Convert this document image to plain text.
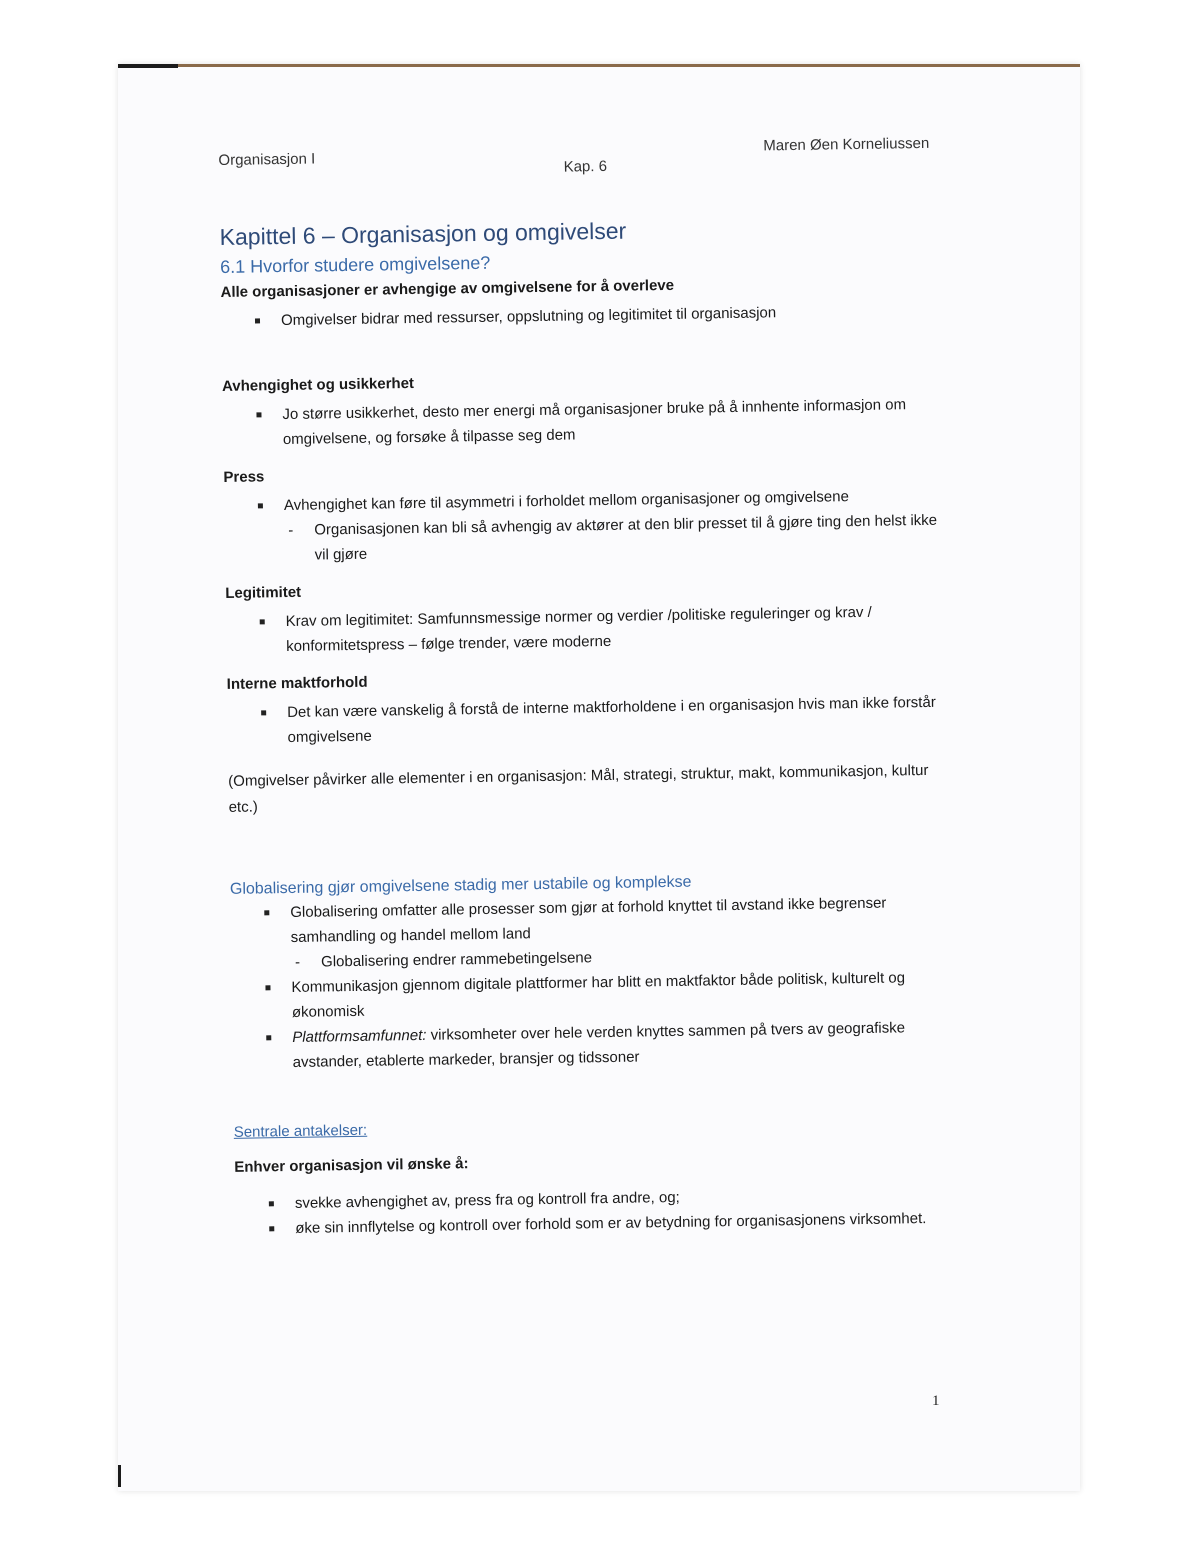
Organisasjon I	Kap. 6
Maren Øen Korneliussen
Kapittel 6 – Organisasjon og omgivelser
6.1 Hvorfor studere omgivelsene?
Alle organisasjoner er avhengige av omgivelsene for å overleve
Omgivelser bidrar med ressurser, oppslutning og legitimitet til organisasjon
Avhengighet og usikkerhet
Jo større usikkerhet, desto mer energi må organisasjoner bruke på å innhente informasjon om omgivelsene, og forsøke å tilpasse seg dem
Press
Avhengighet kan føre til asymmetri i forholdet mellom organisasjoner og omgivelsene
- Organisasjonen kan bli så avhengig av aktører at den blir presset til å gjøre ting den helst ikke vil gjøre
Legitimitet
Krav om legitimitet: Samfunnsmessige normer og verdier /politiske reguleringer og krav / konformitetspress – følge trender, være moderne
Interne maktforhold
Det kan være vanskelig å forstå de interne maktforholdene i en organisasjon hvis man ikke forstår omgivelsene
(Omgivelser påvirker alle elementer i en organisasjon: Mål, strategi, struktur, makt, kommunikasjon, kultur etc.)
Globalisering gjør omgivelsene stadig mer ustabile og komplekse
Globalisering omfatter alle prosesser som gjør at forhold knyttet til avstand ikke begrenser samhandling og handel mellom land
- Globalisering endrer rammebetingelsene
Kommunikasjon gjennom digitale plattformer har blitt en maktfaktor både politisk, kulturelt og økonomisk
Plattformsamfunnet: virksomheter over hele verden knyttes sammen på tvers av geografiske avstander, etablerte markeder, bransjer og tidssoner
Sentrale antakelser:
Enhver organisasjon vil ønske å:
svekke avhengighet av, press fra og kontroll fra andre, og;
øke sin innflytelse og kontroll over forhold som er av betydning for organisasjonens virksomhet.
1
